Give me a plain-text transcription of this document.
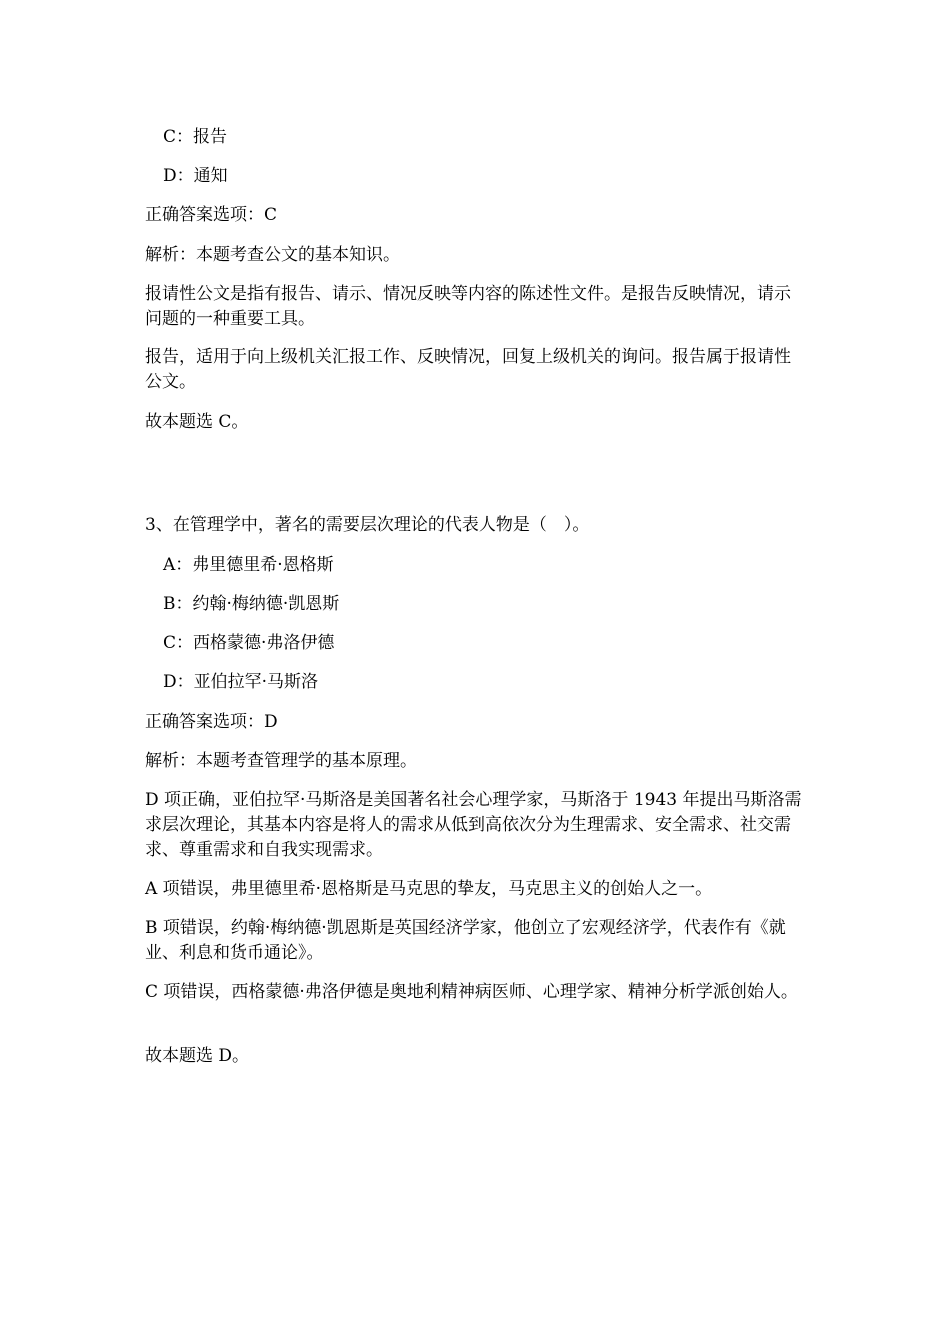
C：报告

D：通知

正确答案选项：C

解析：本题考查公文的基本知识。

报请性公文是指有报告、请示、情况反映等内容的陈述性文件。是报告反映情况，请示问题的一种重要工具。

报告，适用于向上级机关汇报工作、反映情况，回复上级机关的询问。报告属于报请性公文。

故本题选 C。

3、在管理学中，著名的需要层次理论的代表人物是（　）。

A：弗里德里希·恩格斯

B：约翰·梅纳德·凯恩斯

C：西格蒙德·弗洛伊德

D：亚伯拉罕·马斯洛

正确答案选项：D

解析：本题考查管理学的基本原理。

D 项正确，亚伯拉罕·马斯洛是美国著名社会心理学家，马斯洛于 1943 年提出马斯洛需求层次理论，其基本内容是将人的需求从低到高依次分为生理需求、安全需求、社交需求、尊重需求和自我实现需求。

A 项错误，弗里德里希·恩格斯是马克思的挚友，马克思主义的创始人之一。

B 项错误，约翰·梅纳德·凯恩斯是英国经济学家，他创立了宏观经济学，代表作有《就业、利息和货币通论》。

C 项错误，西格蒙德·弗洛伊德是奥地利精神病医师、心理学家、精神分析学派创始人。

故本题选 D。
